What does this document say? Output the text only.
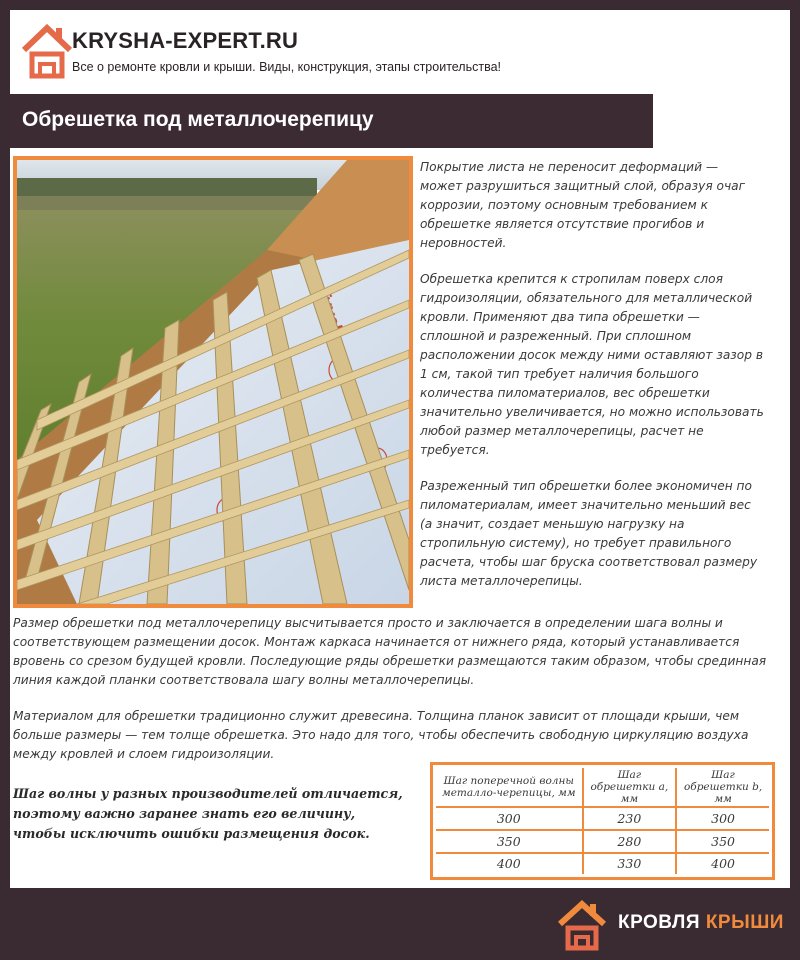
KRYSHA-EXPERT.RU
Все о ремонте кровли и крыши. Виды, конструкция, этапы строительства!
Обрешетка под металлочерепицу

Покрытие листа не переносит деформаций — может разрушиться защитный слой, образуя очаг коррозии, поэтому основным требованием к обрешетке является отсутствие прогибов и неровностей.

Обрешетка крепится к стропилам поверх слоя гидроизоляции, обязательного для металлической кровли. Применяют два типа обрешетки — сплошной и разреженный. При сплошном расположении досок между ними оставляют зазор в 1 см, такой тип требует наличия большого количества пиломатериалов, вес обрешетки значительно увеличивается, но можно использовать любой размер металлочерепицы, расчет не требуется.

Разреженный тип обрешетки более экономичен по пиломатериалам, имеет значительно меньший вес (а значит, создает меньшую нагрузку на стропильную систему), но требует правильного расчета, чтобы шаг бруска соответствовал размеру листа металлочерепицы.

Размер обрешетки под металлочерепицу высчитывается просто и заключается в определении шага волны и соответствующем размещении досок. Монтаж каркаса начинается от нижнего ряда, который устанавливается вровень со срезом будущей кровли. Последующие ряды обрешетки размещаются таким образом, чтобы срединная линия каждой планки соответствовала шагу волны металлочерепицы.

Материалом для обрешетки традиционно служит древесина. Толщина планок зависит от площади крыши, чем больше размеры — тем толще обрешетка. Это надо для того, чтобы обеспечить свободную циркуляцию воздуха между кровлей и слоем гидроизоляции.

Шаг волны у разных производителей отличается, поэтому важно заранее знать его величину, чтобы исключить ошибки размещения досок.
Шаг поперечной волны металло-черепицы, мм	Шаг обрешетки а, мм	Шаг обрешетки b, мм
300	230	300
350	280	350
400	330	400
КРОВЛЯ КРЫШИ
